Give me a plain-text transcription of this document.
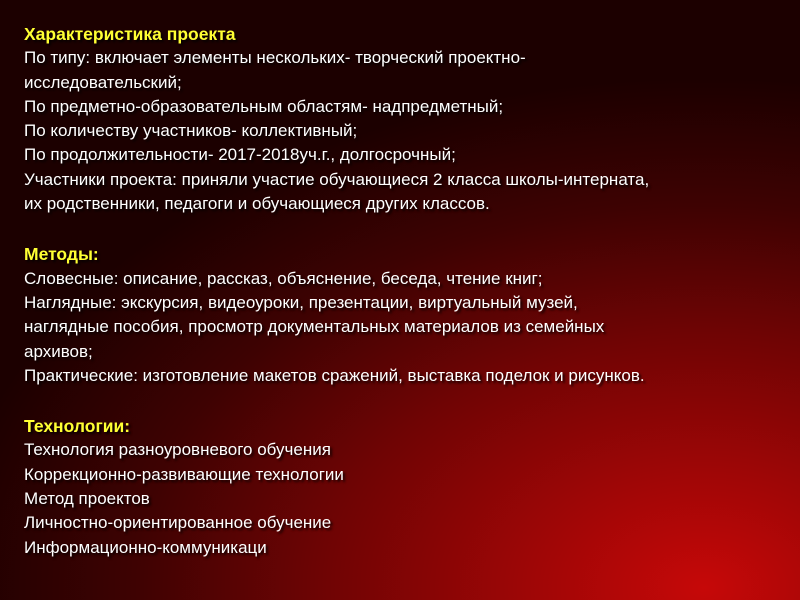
Характеристика проекта
По типу: включает элементы нескольких- творческий проектно-
исследовательский;
По предметно-образовательным областям- надпредметный;
По количеству участников- коллективный;
По продолжительности- 2017-2018уч.г., долгосрочный;
Участники проекта: приняли участие обучающиеся 2 класса школы-интерната,
их родственники, педагоги и обучающиеся других классов.
Методы:
Словесные: описание, рассказ, объяснение, беседа, чтение книг;
Наглядные: экскурсия, видеоуроки, презентации, виртуальный музей,
наглядные пособия, просмотр документальных материалов из семейных
архивов;
Практические: изготовление макетов сражений, выставка поделок и рисунков.
Технологии:
Технология разноуровневого обучения
Коррекционно-развивающие технологии
Метод проектов
Личностно-ориентированное обучение
Информационно-коммуникаци
